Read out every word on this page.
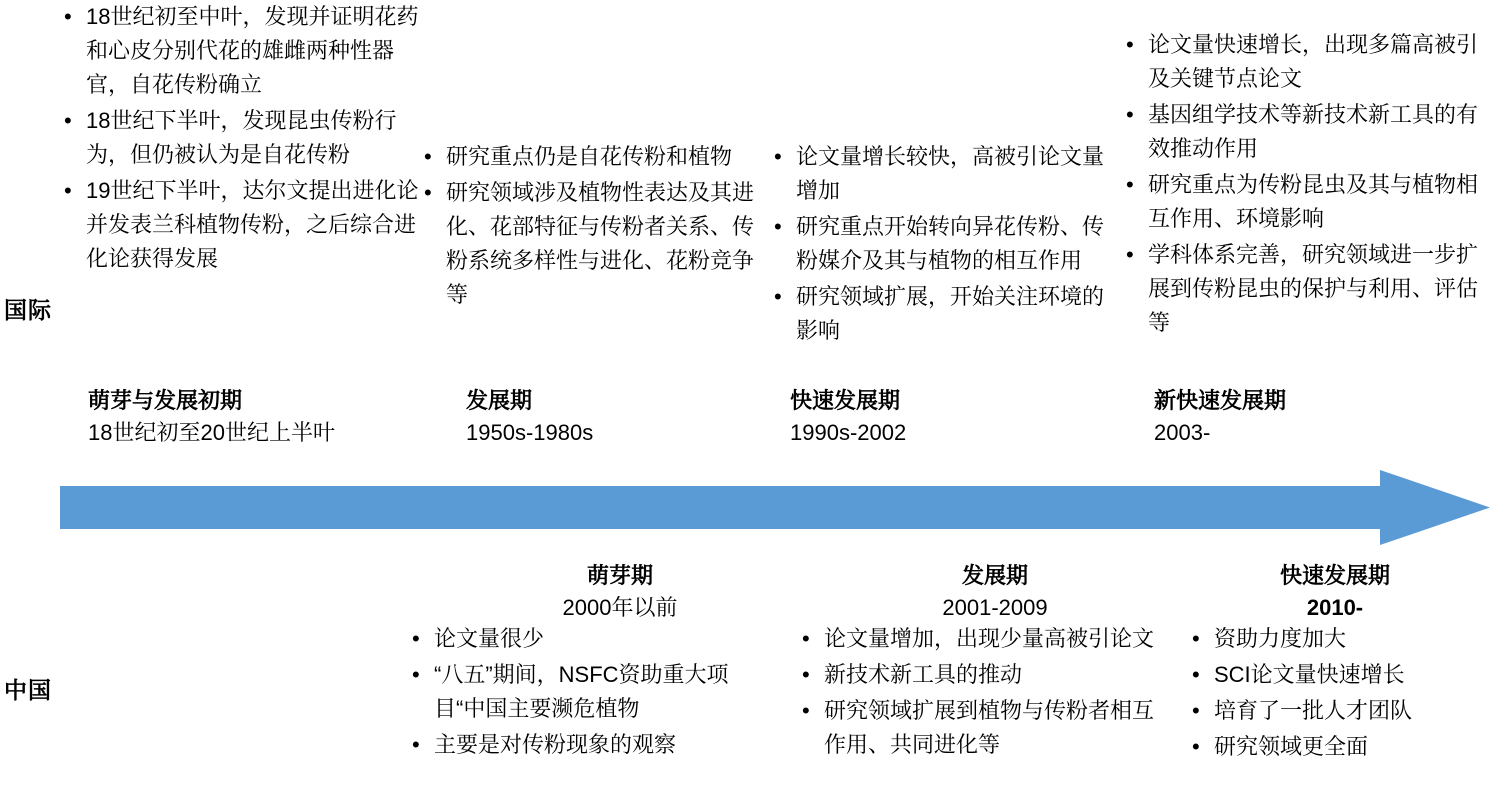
国际
中国
• 18世纪初至中叶，发现并证明花药和心皮分别代花的雄雌两种性器官，自花传粉确立
• 18世纪下半叶，发现昆虫传粉行为，但仍被认为是自花传粉
• 19世纪下半叶，达尔文提出进化论并发表兰科植物传粉，之后综合进化论获得发展
• 研究重点仍是自花传粉和植物
• 研究领域涉及植物性表达及其进化、花部特征与传粉者关系、传粉系统多样性与进化、花粉竞争等
• 论文量增长较快，高被引论文量增加
• 研究重点开始转向异花传粉、传粉媒介及其与植物的相互作用
• 研究领域扩展，开始关注环境的影响
• 论文量快速增长，出现多篇高被引及关键节点论文
• 基因组学技术等新技术新工具的有效推动作用
• 研究重点为传粉昆虫及其与植物相互作用、环境影响
• 学科体系完善，研究领域进一步扩展到传粉昆虫的保护与利用、评估等
萌芽与发展初期
18世纪初至20世纪上半叶
发展期
1950s-1980s
快速发展期
1990s-2002
新快速发展期
2003-
萌芽期
2000年以前
发展期
2001-2009
快速发展期
2010-
• 论文量很少
• “八五”期间，NSFC资助重大项目“中国主要濒危植物
• 主要是对传粉现象的观察
• 论文量增加，出现少量高被引论文
• 新技术新工具的推动
• 研究领域扩展到植物与传粉者相互作用、共同进化等
• 资助力度加大
• SCI论文量快速增长
• 培育了一批人才团队
• 研究领域更全面
